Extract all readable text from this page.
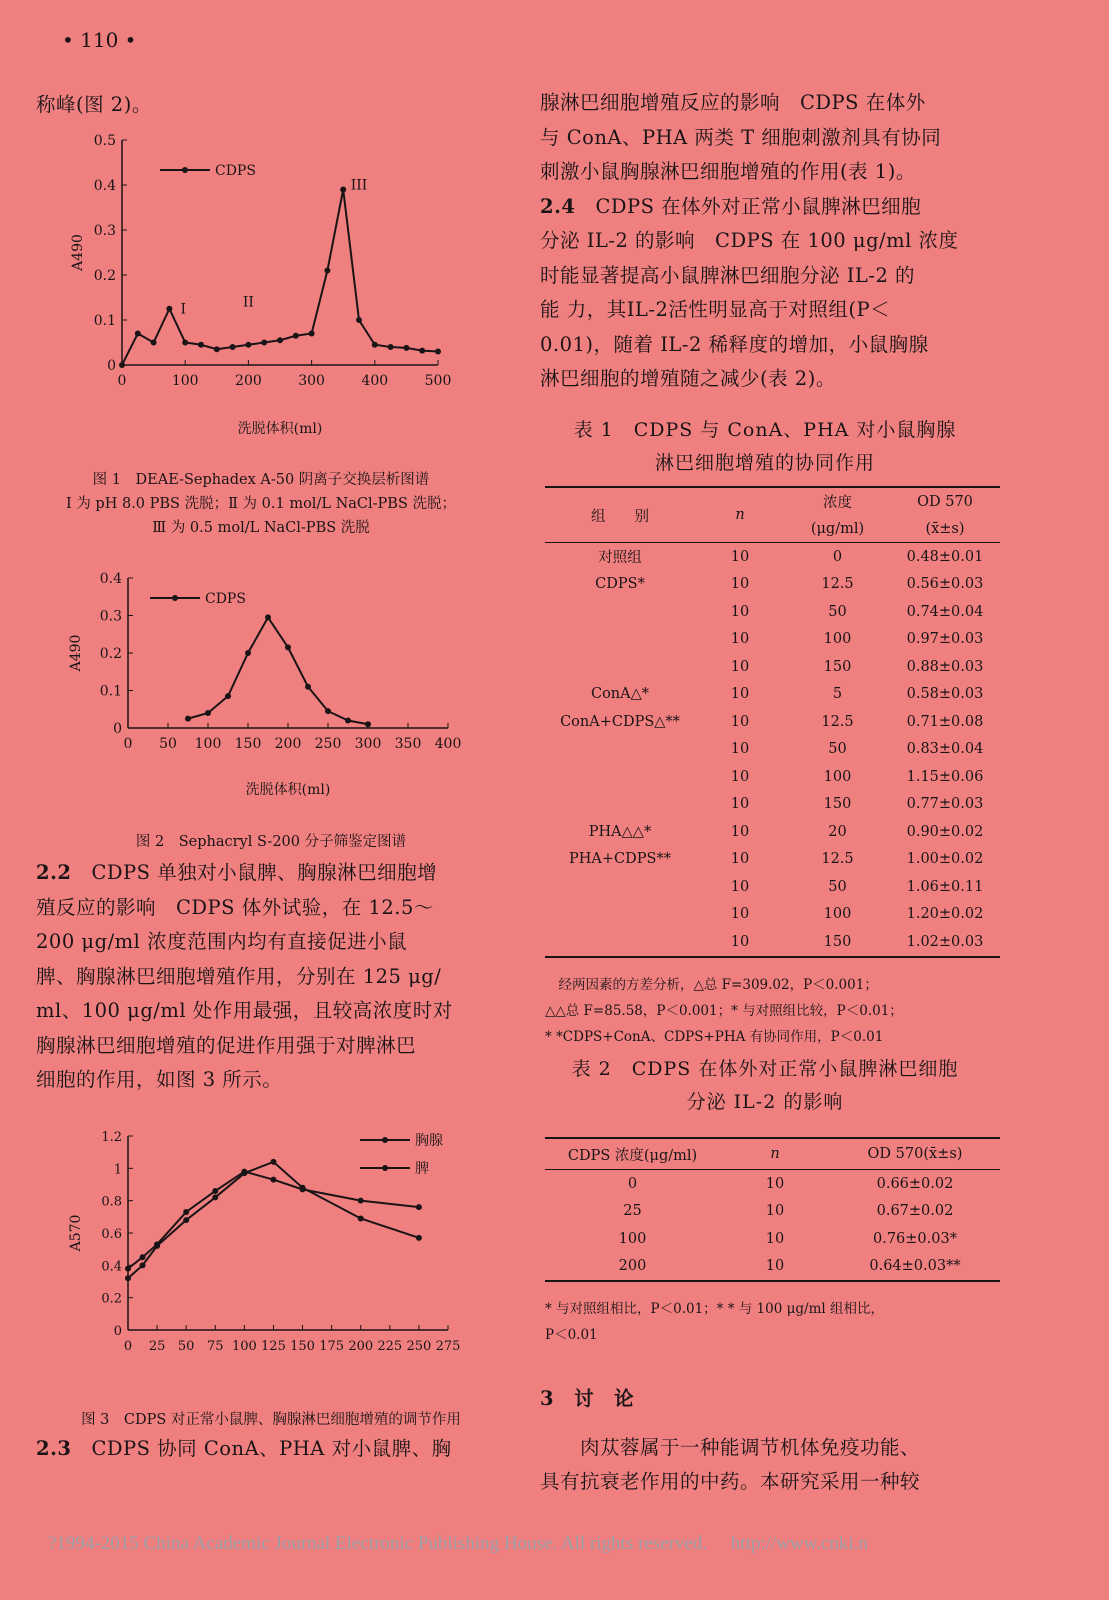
• 110 •
称峰(图 2)。
0
0.1
0.2
0.3
0.4
0.5
0	100	200	300	400	500
A490
洗脱体积(ml)
CDPS
I	II
III
图 1　DEAE-Sephadex A-50 阴离子交换层析图谱
Ⅰ 为 pH 8.0 PBS 洗脱；Ⅱ 为 0.1 mol/L NaCl-PBS 洗脱；
Ⅲ 为 0.5 mol/L NaCl-PBS 洗脱
0
0.1
0.2
0.3
0.4
0 50 100 150 200 250 300 350 400
A490
洗脱体积(ml)
CDPS
图 2　Sephacryl S-200 分子筛鉴定图谱

2.2　 CDPS 单独对小鼠脾、胸腺淋巴细胞增

殖反应的影响　CDPS 体外试验，在 12.5～

200 μg/ml 浓度范围内均有直接促进小鼠

脾、胸腺淋巴细胞增殖作用，分别在 125 μg/

ml、100 μg/ml 处作用最强，且较高浓度时对

胸腺淋巴细胞增殖的促进作用强于对脾淋巴

细胞的作用，如图 3 所示。

0
0.2
0.4
0.6
0.8
1
1.2
0 25 50 75 100 125 150 175 200 225 250 275
A570
胸腺
脾
图 3　CDPS 对正常小鼠脾、胸腺淋巴细胞增殖的调节作用

2.3　 CDPS 协同 ConA、PHA 对小鼠脾、胸

腺淋巴细胞增殖反应的影响　CDPS 在体外

与 ConA、PHA 两类 T 细胞刺激剂具有协同

刺激小鼠胸腺淋巴细胞增殖的作用(表 1)。

2.4　 CDPS 在体外对正常小鼠脾淋巴细胞

分泌 IL-2 的影响　CDPS 在 100 μg/ml 浓度

时能显著提高小鼠脾淋巴细胞分泌 IL-2 的

能 力，其IL-2活性明显高于对照组(P＜

0.01)，随着 IL-2 稀释度的增加，小鼠胸腺

淋巴细胞的增殖随之减少(表 2)。

表 1　CDPS 与 ConA、PHA 对小鼠胸腺
淋巴细胞增殖的协同作用
组　　别	n	浓度	OD 570
		(μg/ml)	(x̄±s)
对照组	10	0	0.48±0.01
CDPS*	10	12.5	0.56±0.03
	10	50	0.74±0.04
	10	100	0.97±0.03
	10	150	0.88±0.03
ConA△*	10	5	0.58±0.03
ConA+CDPS△**	10	12.5	0.71±0.08
	10	50	0.83±0.04
	10	100	1.15±0.06
	10	150	0.77±0.03
PHA△△*	10	20	0.90±0.02
PHA+CDPS**	10	12.5	1.00±0.02
	10	50	1.06±0.11
	10	100	1.20±0.02
	10	150	1.02±0.03
　经两因素的方差分析，△总 F=309.02，P＜0.001；
△△总 F=85.58，P＜0.001；* 与对照组比较，P＜0.01；
* *CDPS+ConA、CDPS+PHA 有协同作用，P＜0.01
表 2　CDPS 在体外对正常小鼠脾淋巴细胞
分泌 IL-2 的影响
CDPS 浓度(μg/ml)	n	OD 570(x̄±s)
0	10	0.66±0.02
25	10	0.67±0.02
100	10	0.76±0.03*
200	10	0.64±0.03**
* 与对照组相比，P＜0.01；* * 与 100 μg/ml 组相比，
P＜0.01

3　讨　论

　　肉苁蓉属于一种能调节机体免疫功能、

具有抗衰老作用的中药。本研究采用一种较

?1994-2015 China Academic Journal Electronic Publishing House. All rights reserved.　 http://www.cnki.n
